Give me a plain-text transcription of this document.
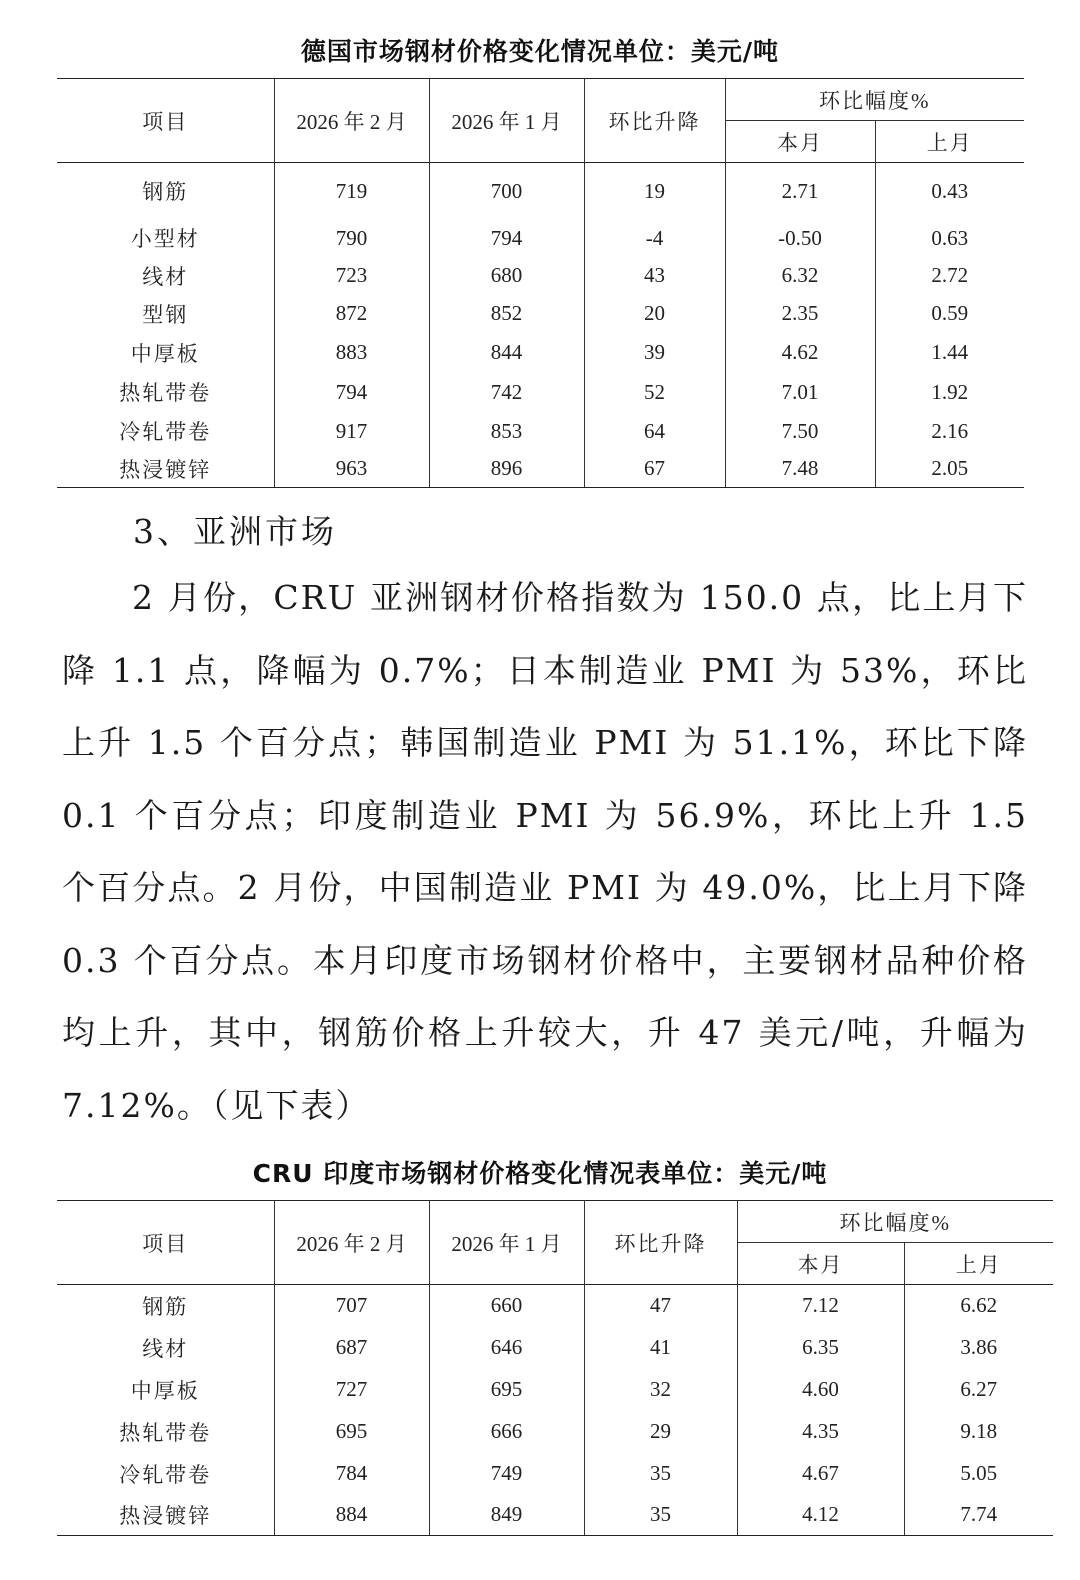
德国市场钢材价格变化情况单位：美元/吨
项目	2026 年 2 月	2026 年 1 月	环比升降	环比幅度%	
				本月	上月
钢筋	719	700	19	2.71	0.43
小型材	790	794	-4	-0.50	0.63
线材	723	680	43	6.32	2.72
型钢	872	852	20	2.35	0.59
中厚板	883	844	39	4.62	1.44
热轧带卷	794	742	52	7.01	1.92
冷轧带卷	917	853	64	7.50	2.16
热浸镀锌	963	896	67	7.48	2.05
3、亚洲市场
2 月份，CRU 亚洲钢材价格指数为 150.0 点，比上月下降 1.1 点，降幅为 0.7%；日本制造业 PMI 为 53%，环比上升 1.5 个百分点；韩国制造业 PMI 为 51.1%，环比下降 0.1 个百分点；印度制造业 PMI 为 56.9%，环比上升 1.5 个百分点。2 月份，中国制造业 PMI 为 49.0%，比上月下降 0.3 个百分点。本月印度市场钢材价格中，主要钢材品种价格均上升，其中，钢筋价格上升较大，升 47 美元/吨，升幅为 7.12%。（见下表）
CRU 印度市场钢材价格变化情况表单位：美元/吨
项目	2026 年 2 月	2026 年 1 月	环比升降	环比幅度%	
				本月	上月
钢筋	707	660	47	7.12	6.62
线材	687	646	41	6.35	3.86
中厚板	727	695	32	4.60	6.27
热轧带卷	695	666	29	4.35	9.18
冷轧带卷	784	749	35	4.67	5.05
热浸镀锌	884	849	35	4.12	7.74
